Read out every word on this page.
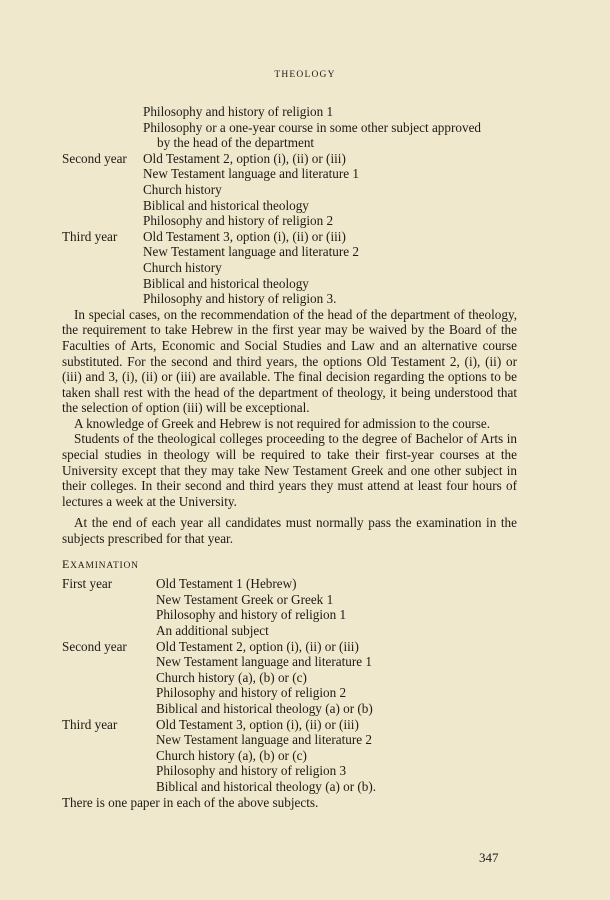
THEOLOGY
Philosophy and history of religion 1
Philosophy or a one-year course in some other subject approved
by the head of the department
Second year	Old Testament 2, option (i), (ii) or (iii)
New Testament language and literature 1
Church history
Biblical and historical theology
Philosophy and history of religion 2
Third year	Old Testament 3, option (i), (ii) or (iii)
New Testament language and literature 2
Church history
Biblical and historical theology
Philosophy and history of religion 3.

In special cases, on the recommendation of the head of the department of theology, the requirement to take Hebrew in the first year may be waived by the Board of the Faculties of Arts, Economic and Social Studies and Law and an alternative course substituted. For the second and third years, the options Old Testament 2, (i), (ii) or (iii) and 3, (i), (ii) or (iii) are available. The final decision regarding the options to be taken shall rest with the head of the department of theology, it being understood that the selection of option (iii) will be exceptional.

A knowledge of Greek and Hebrew is not required for admission to the course.

Students of the theological colleges proceeding to the degree of Bachelor of Arts in special studies in theology will be required to take their first-year courses at the University except that they may take New Testament Greek and one other subject in their colleges. In their second and third years they must attend at least four hours of lectures a week at the University.

At the end of each year all candidates must normally pass the examination in the subjects prescribed for that year.

EXAMINATION
First year	Old Testament 1 (Hebrew)
New Testament Greek or Greek 1
Philosophy and history of religion 1
An additional subject
Second year	Old Testament 2, option (i), (ii) or (iii)
New Testament language and literature 1
Church history (a), (b) or (c)
Philosophy and history of religion 2
Biblical and historical theology (a) or (b)
Third year	Old Testament 3, option (i), (ii) or (iii)
New Testament language and literature 2
Church history (a), (b) or (c)
Philosophy and history of religion 3
Biblical and historical theology (a) or (b).

There is one paper in each of the above subjects.

347
